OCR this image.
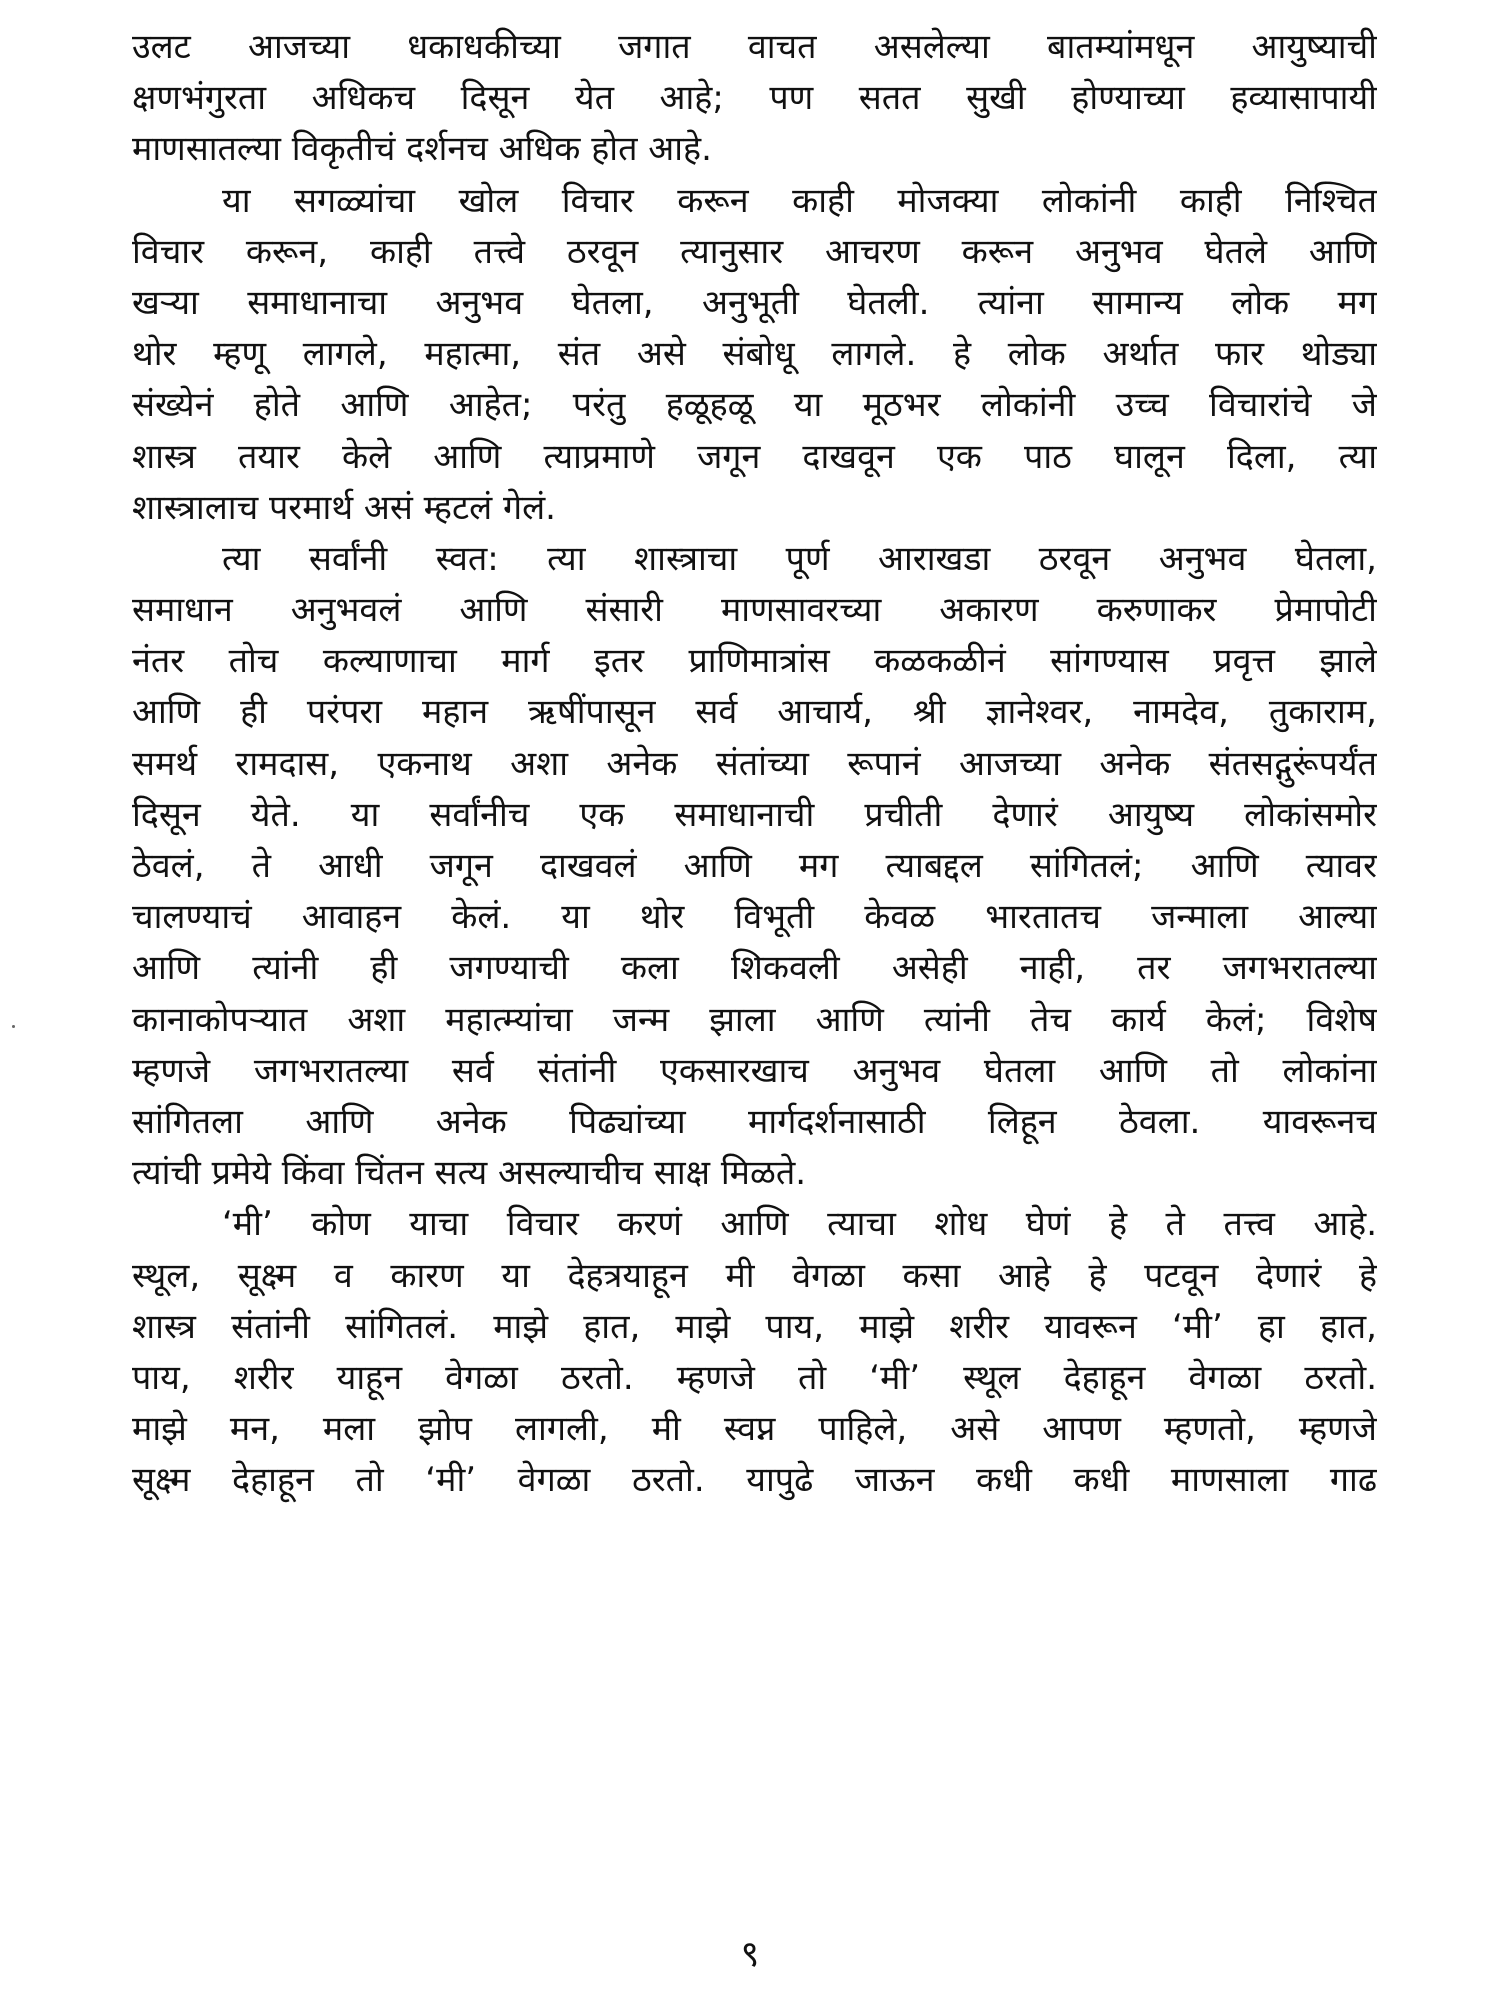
उलट आजच्या धकाधकीच्या जगात वाचत असलेल्या बातम्यांमधून आयुष्याची
क्षणभंगुरता अधिकच दिसून येत आहे; पण सतत सुखी होण्याच्या हव्यासापायी
माणसातल्या विकृतीचं दर्शनच अधिक होत आहे.
या सगळ्यांचा खोल विचार करून काही मोजक्या लोकांनी काही निश्चित
विचार करून, काही तत्त्वे ठरवून त्यानुसार आचरण करून अनुभव घेतले आणि
खऱ्या समाधानाचा अनुभव घेतला, अनुभूती घेतली. त्यांना सामान्य लोक मग
थोर म्हणू लागले, महात्मा, संत असे संबोधू लागले. हे लोक अर्थात फार थोड्या
संख्येनं होते आणि आहेत; परंतु हळूहळू या मूठभर लोकांनी उच्च विचारांचे जे
शास्त्र तयार केले आणि त्याप्रमाणे जगून दाखवून एक पाठ घालून दिला, त्या
शास्त्रालाच परमार्थ असं म्हटलं गेलं.
त्या सर्वांनी स्वत: त्या शास्त्राचा पूर्ण आराखडा ठरवून अनुभव घेतला,
समाधान अनुभवलं आणि संसारी माणसावरच्या अकारण करुणाकर प्रेमापोटी
नंतर तोच कल्याणाचा मार्ग इतर प्राणिमात्रांस कळकळीनं सांगण्यास प्रवृत्त झाले
आणि ही परंपरा महान ऋषींपासून सर्व आचार्य, श्री ज्ञानेश्वर, नामदेव, तुकाराम,
समर्थ रामदास, एकनाथ अशा अनेक संतांच्या रूपानं आजच्या अनेक संतसद्गुरूंपर्यंत
दिसून येते. या सर्वांनीच एक समाधानाची प्रचीती देणारं आयुष्य लोकांसमोर
ठेवलं, ते आधी जगून दाखवलं आणि मग त्याबद्दल सांगितलं; आणि त्यावर
चालण्याचं आवाहन केलं. या थोर विभूती केवळ भारतातच जन्माला आल्या
आणि त्यांनी ही जगण्याची कला शिकवली असेही नाही, तर जगभरातल्या
कानाकोपऱ्यात अशा महात्म्यांचा जन्म झाला आणि त्यांनी तेच कार्य केलं; विशेष
म्हणजे जगभरातल्या सर्व संतांनी एकसारखाच अनुभव घेतला आणि तो लोकांना
सांगितला आणि अनेक पिढ्यांच्या मार्गदर्शनासाठी लिहून ठेवला. यावरूनच
त्यांची प्रमेये किंवा चिंतन सत्य असल्याचीच साक्ष मिळते.
‘मी’ कोण याचा विचार करणं आणि त्याचा शोध घेणं हे ते तत्त्व आहे.
स्थूल, सूक्ष्म व कारण या देहत्रयाहून मी वेगळा कसा आहे हे पटवून देणारं हे
शास्त्र संतांनी सांगितलं. माझे हात, माझे पाय, माझे शरीर यावरून ‘मी’ हा हात,
पाय, शरीर याहून वेगळा ठरतो. म्हणजे तो ‘मी’ स्थूल देहाहून वेगळा ठरतो.
माझे मन, मला झोप लागली, मी स्वप्न पाहिले, असे आपण म्हणतो, म्हणजे
सूक्ष्म देहाहून तो ‘मी’ वेगळा ठरतो. यापुढे जाऊन कधी कधी माणसाला गाढ
९
